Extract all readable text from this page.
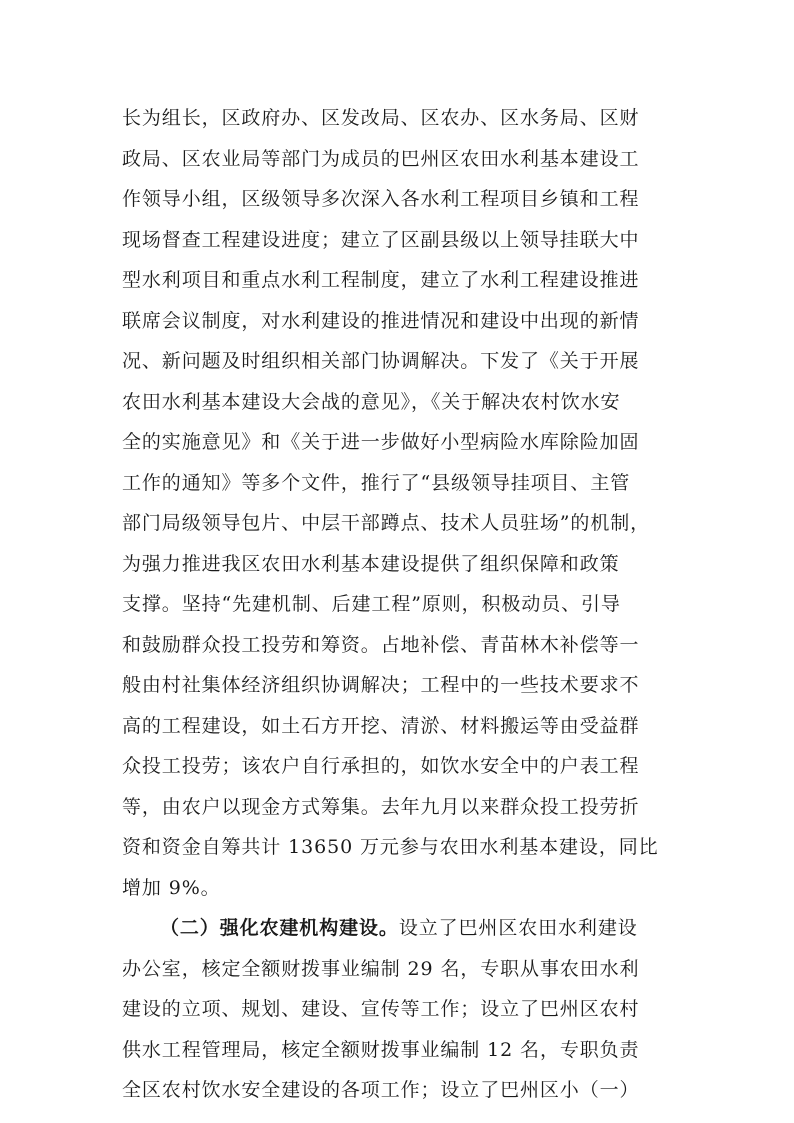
长为组长，区政府办、区发改局、区农办、区水务局、区财
政局、区农业局等部门为成员的巴州区农田水利基本建设工
作领导小组，区级领导多次深入各水利工程项目乡镇和工程
现场督查工程建设进度；建立了区副县级以上领导挂联大中
型水利项目和重点水利工程制度，建立了水利工程建设推进
联席会议制度，对水利建设的推进情况和建设中出现的新情
况、新问题及时组织相关部门协调解决。下发了《关于开展
农田水利基本建设大会战的意见》，《关于解决农村饮水安
全的实施意见》和《关于进一步做好小型病险水库除险加固
工作的通知》等多个文件，推行了“县级领导挂项目、主管
部门局级领导包片、中层干部蹲点、技术人员驻场”的机制，
为强力推进我区农田水利基本建设提供了组织保障和政策
支撑。坚持“先建机制、后建工程”原则，积极动员、引导
和鼓励群众投工投劳和筹资。占地补偿、青苗林木补偿等一
般由村社集体经济组织协调解决；工程中的一些技术要求不
高的工程建设，如土石方开挖、清淤、材料搬运等由受益群
众投工投劳；该农户自行承担的，如饮水安全中的户表工程
等，由农户以现金方式筹集。去年九月以来群众投工投劳折
资和资金自筹共计 13650 万元参与农田水利基本建设，同比
增加 9%。
（二）强化农建机构建设。设立了巴州区农田水利建设
办公室，核定全额财拨事业编制 29 名，专职从事农田水利
建设的立项、规划、建设、宣传等工作；设立了巴州区农村
供水工程管理局，核定全额财拨事业编制 12 名，专职负责
全区农村饮水安全建设的各项工作；设立了巴州区小（一）
